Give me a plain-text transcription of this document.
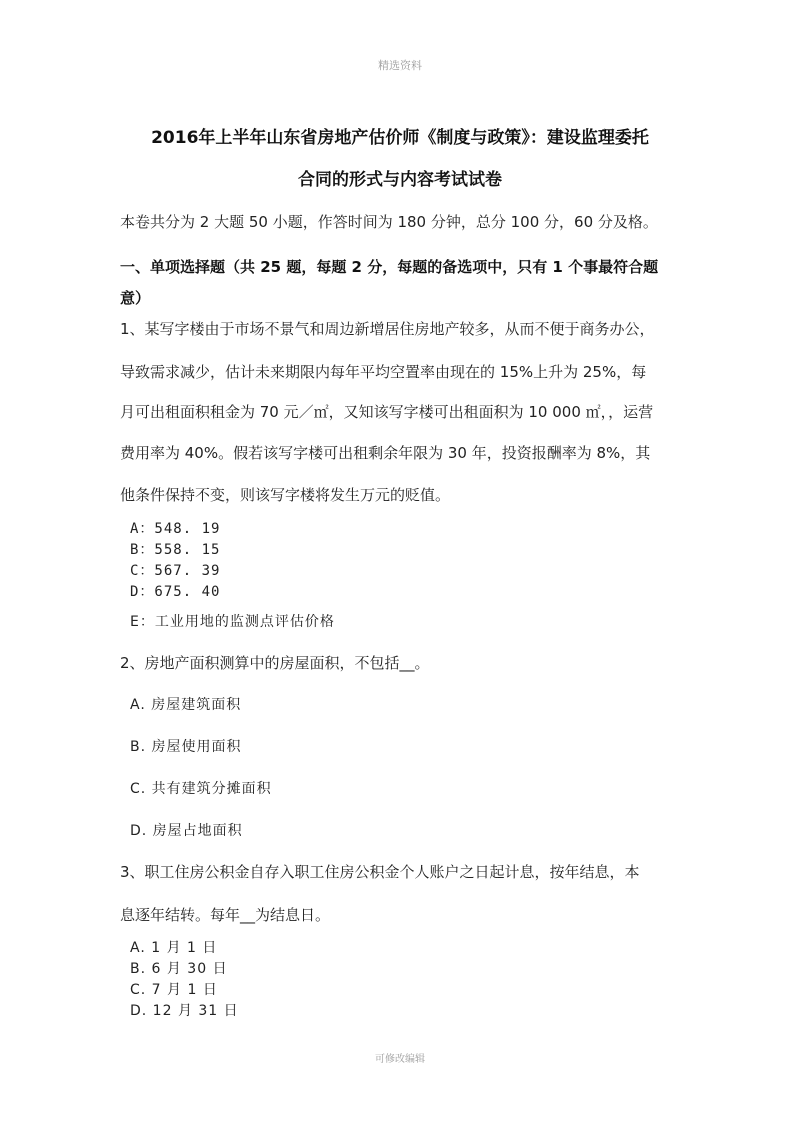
精选资料
2016年上半年山东省房地产估价师《制度与政策》：建设监理委托
合同的形式与内容考试试卷
本卷共分为 2 大题 50 小题，作答时间为 180 分钟，总分 100 分，60 分及格。
一、单项选择题（共 25 题，每题 2 分，每题的备选项中，只有 1 个事最符合题
意）
1、某写字楼由于市场不景气和周边新增居住房地产较多，从而不便于商务办公，
导致需求减少，估计未来期限内每年平均空置率由现在的 15%上升为 25%，每
月可出租面积租金为 70 元／㎡，又知该写字楼可出租面积为 10 000 ㎡，，运营
费用率为 40%。假若该写字楼可出租剩余年限为 30 年，投资报酬率为 8%，其
他条件保持不变，则该写字楼将发生万元的贬值。
A：548. 19
B：558. 15
C：567. 39
D：675. 40
E：工业用地的监测点评估价格
2、房地产面积测算中的房屋面积，不包括__。
A. 房屋建筑面积
B. 房屋使用面积
C. 共有建筑分摊面积
D. 房屋占地面积
3、职工住房公积金自存入职工住房公积金个人账户之日起计息，按年结息，本
息逐年结转。每年__为结息日。
A. 1 月 1 日
B. 6 月 30 日
C. 7 月 1 日
D. 12 月 31 日
可修改编辑
